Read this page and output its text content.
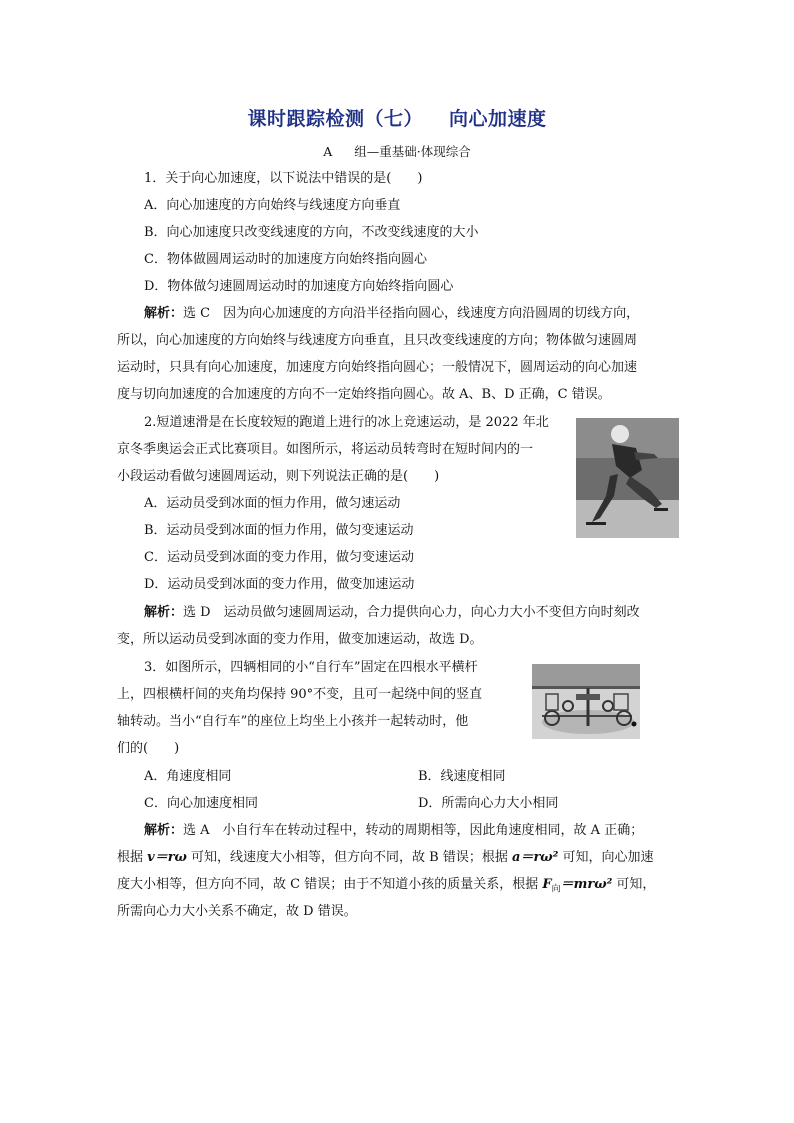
课时跟踪检测（七） 向心加速度
A 组—重基础·体现综合
1．关于向心加速度，以下说法中错误的是(　　)
A．向心加速度的方向始终与线速度方向垂直
B．向心加速度只改变线速度的方向，不改变线速度的大小
C．物体做圆周运动时的加速度方向始终指向圆心
D．物体做匀速圆周运动时的加速度方向始终指向圆心
解析：选 C　因为向心加速度的方向沿半径指向圆心，线速度方向沿圆周的切线方向，
所以，向心加速度的方向始终与线速度方向垂直，且只改变线速度的方向；物体做匀速圆周
运动时，只具有向心加速度，加速度方向始终指向圆心；一般情况下，圆周运动的向心加速
度与切向加速度的合加速度的方向不一定始终指向圆心。故 A、B、D 正确，C 错误。
2.短道速滑是在长度较短的跑道上进行的冰上竞速运动，是 2022 年北
京冬季奥运会正式比赛项目。如图所示，将运动员转弯时在短时间内的一
小段运动看做匀速圆周运动，则下列说法正确的是(　　)
A．运动员受到冰面的恒力作用，做匀速运动
B．运动员受到冰面的恒力作用，做匀变速运动
C．运动员受到冰面的变力作用，做匀变速运动
D．运动员受到冰面的变力作用，做变加速运动
解析：选 D　运动员做匀速圆周运动，合力提供向心力，向心力大小不变但方向时刻改
变，所以运动员受到冰面的变力作用，做变加速运动，故选 D。
3．如图所示，四辆相同的小“自行车”固定在四根水平横杆
上，四根横杆间的夹角均保持 90°不变，且可一起绕中间的竖直
轴转动。当小“自行车”的座位上均坐上小孩并一起转动时，他
们的(　　)
A．角速度相同	B．线速度相同
C．向心加速度相同	D．所需向心力大小相同
解析：选 A　小自行车在转动过程中，转动的周期相等，因此角速度相同，故 A 正确；
根据 v＝rω 可知，线速度大小相等，但方向不同，故 B 错误；根据 a＝rω² 可知，向心加速
度大小相等，但方向不同，故 C 错误；由于不知道小孩的质量关系，根据 $F_向=mr\omega^2$ 可知，
所需向心力大小关系不确定，故 D 错误。
